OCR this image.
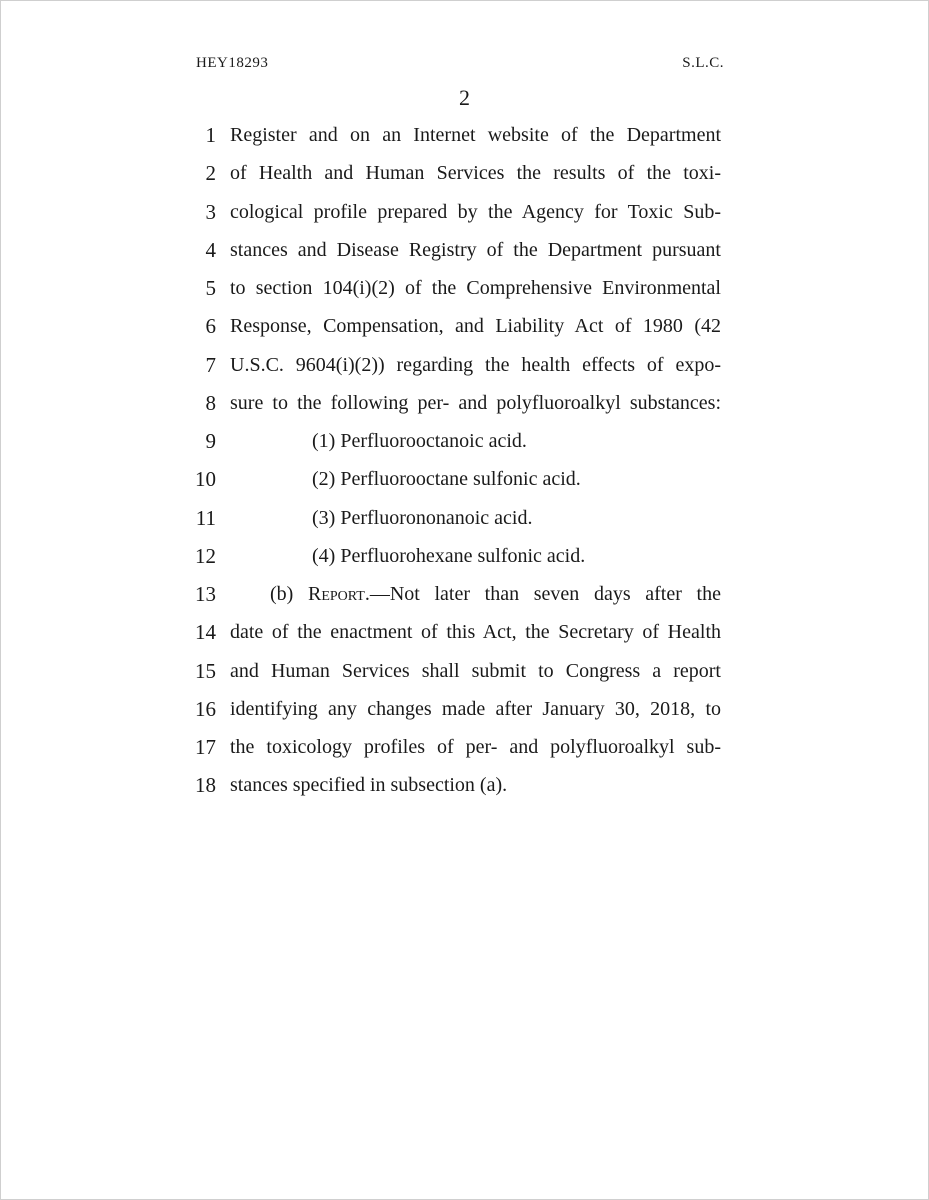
HEY18293	S.L.C.
2
1 Register and on an Internet website of the Department
2 of Health and Human Services the results of the toxi-
3 cological profile prepared by the Agency for Toxic Sub-
4 stances and Disease Registry of the Department pursuant
5 to section 104(i)(2) of the Comprehensive Environmental
6 Response, Compensation, and Liability Act of 1980 (42
7 U.S.C. 9604(i)(2)) regarding the health effects of expo-
8 sure to the following per- and polyfluoroalkyl substances:
9	(1) Perfluorooctanoic acid.
10	(2) Perfluorooctane sulfonic acid.
11	(3) Perfluorononanoic acid.
12	(4) Perfluorohexane sulfonic acid.
13	(b) Report.—Not later than seven days after the
14 date of the enactment of this Act, the Secretary of Health
15 and Human Services shall submit to Congress a report
16 identifying any changes made after January 30, 2018, to
17 the toxicology profiles of per- and polyfluoroalkyl sub-
18 stances specified in subsection (a).
